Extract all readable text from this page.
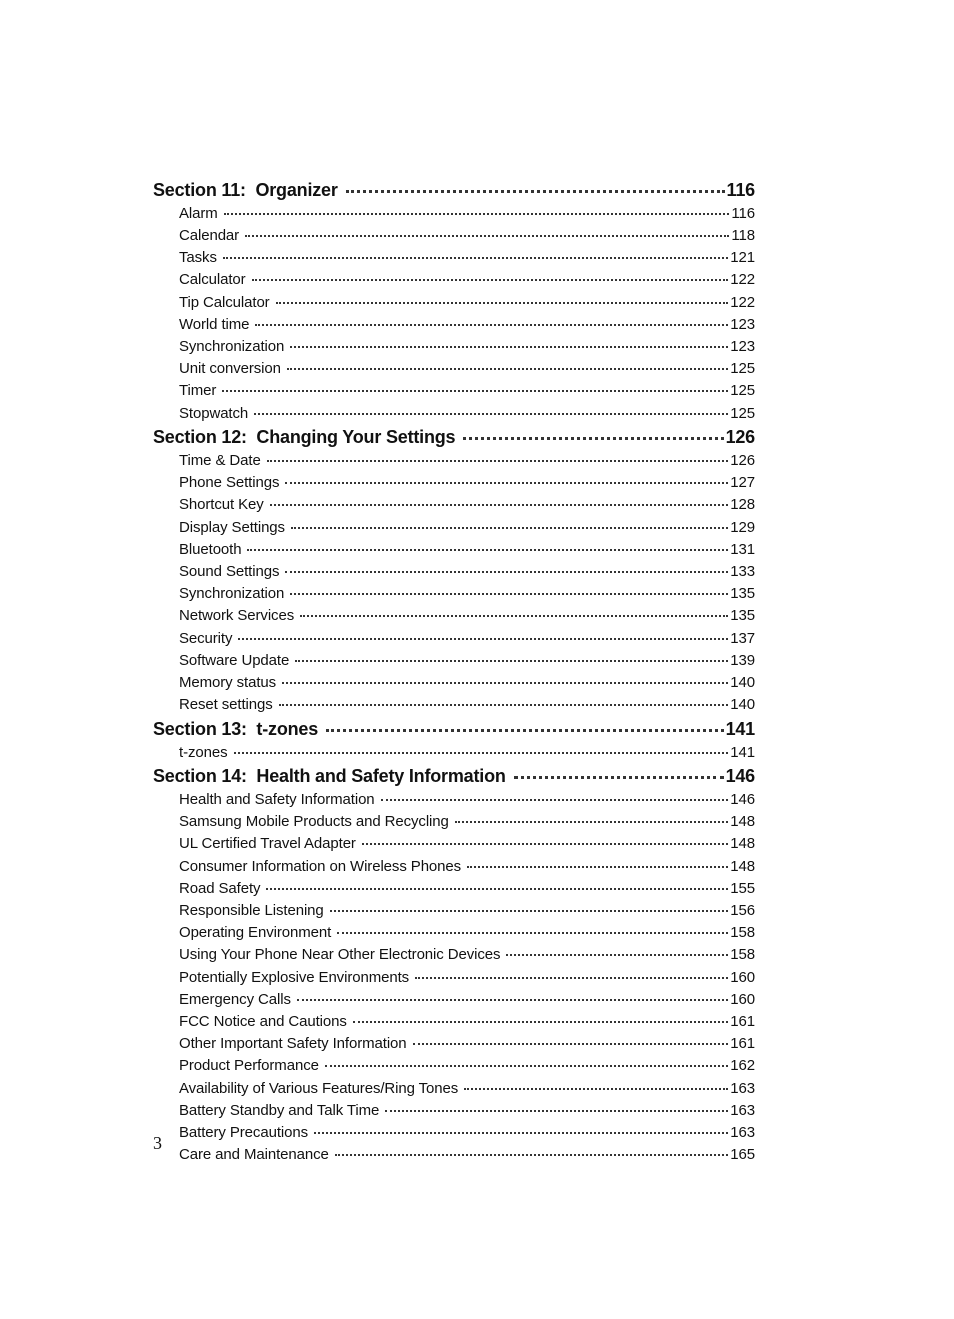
Section 11:  Organizer	116
Alarm	116
Calendar	118
Tasks	121
Calculator	122
Tip Calculator	122
World time	123
Synchronization	123
Unit conversion	125
Timer	125
Stopwatch	125
Section 12:  Changing Your Settings	126
Time & Date	126
Phone Settings	127
Shortcut Key	128
Display Settings	129
Bluetooth	131
Sound Settings	133
Synchronization	135
Network Services	135
Security	137
Software Update	139
Memory status	140
Reset settings	140
Section 13:  t-zones	141
t-zones	141
Section 14:  Health and Safety Information	146
Health and Safety Information	146
Samsung Mobile Products and Recycling	148
UL Certified Travel Adapter	148
Consumer Information on Wireless Phones	148
Road Safety	155
Responsible Listening	156
Operating Environment	158
Using Your Phone Near Other Electronic Devices	158
Potentially Explosive Environments	160
Emergency Calls	160
FCC Notice and Cautions	161
Other Important Safety Information	161
Product Performance	162
Availability of Various Features/Ring Tones	163
Battery Standby and Talk Time	163
Battery Precautions	163
Care and Maintenance	165
3
